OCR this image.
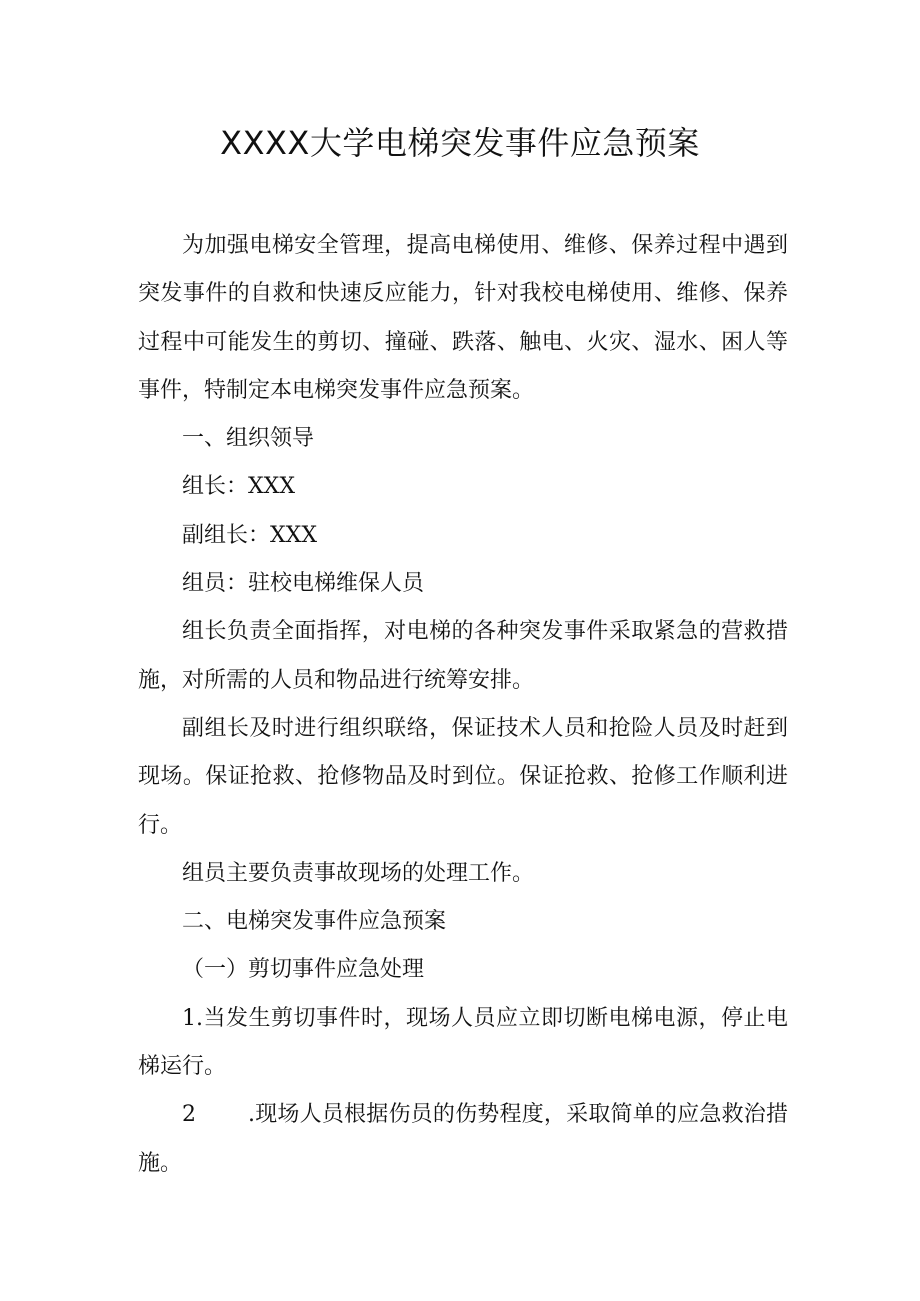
XXXX大学电梯突发事件应急预案

为加强电梯安全管理，提高电梯使用、维修、保养过程中遇到突发事件的自救和快速反应能力，针对我校电梯使用、维修、保养过程中可能发生的剪切、撞碰、跌落、触电、火灾、湿水、困人等事件，特制定本电梯突发事件应急预案。

一、组织领导

组长：XXX

副组长：XXX

组员：驻校电梯维保人员

组长负责全面指挥，对电梯的各种突发事件采取紧急的营救措施，对所需的人员和物品进行统筹安排。

副组长及时进行组织联络，保证技术人员和抢险人员及时赶到现场。保证抢救、抢修物品及时到位。保证抢救、抢修工作顺利进行。

组员主要负责事故现场的处理工作。

二、电梯突发事件应急预案

（一）剪切事件应急处理

1.当发生剪切事件时，现场人员应立即切断电梯电源，停止电梯运行。

2 .现场人员根据伤员的伤势程度，采取简单的应急救治措施。
